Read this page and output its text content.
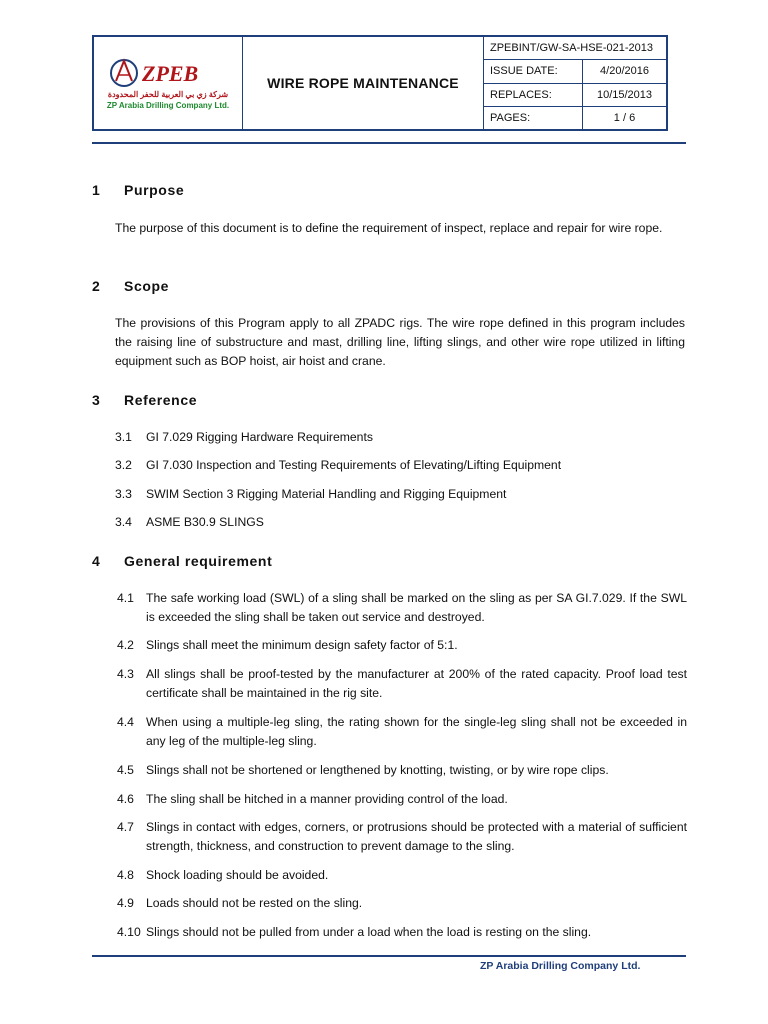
ZPEB
شركة زي بي العربية للحفر المحدودة
ZP Arabia Drilling Company Ltd.
WIRE ROPE MAINTENANCE
ZPEBINT/GW-SA-HSE-021-2013
ISSUE DATE:	4/20/2016
REPLACES:	10/15/2013
PAGES:	1 / 6
1	Purpose

The purpose of this document is to define the requirement of inspect, replace and repair for wire rope.

2	Scope

The provisions of this Program apply to all ZPADC rigs. The wire rope defined in this program includes the raising line of substructure and mast, drilling line, lifting slings, and other wire rope utilized in lifting equipment such as BOP hoist, air hoist and crane.

3	Reference
3.1	GI 7.029 Rigging Hardware Requirements
3.2	GI 7.030 Inspection and Testing Requirements of Elevating/Lifting Equipment
3.3	SWIM Section 3 Rigging Material Handling and Rigging Equipment
3.4	ASME B30.9 SLINGS
4	General requirement
4.1 The safe working load (SWL) of a sling shall be marked on the sling as per SA GI.7.029. If the SWL is exceeded the sling shall be taken out service and destroyed.
4.2 Slings shall meet the minimum design safety factor of 5:1.
4.3 All slings shall be proof-tested by the manufacturer at 200% of the rated capacity. Proof load test certificate shall be maintained in the rig site.
4.4 When using a multiple-leg sling, the rating shown for the single-leg sling shall not be exceeded in any leg of the multiple-leg sling.
4.5 Slings shall not be shortened or lengthened by knotting, twisting, or by wire rope clips.
4.6 The sling shall be hitched in a manner providing control of the load.
4.7 Slings in contact with edges, corners, or protrusions should be protected with a material of sufficient strength, thickness, and construction to prevent damage to the sling.
4.8 Shock loading should be avoided.
4.9 Loads should not be rested on the sling.
4.10 Slings should not be pulled from under a load when the load is resting on the sling.
ZP Arabia Drilling Company Ltd.
